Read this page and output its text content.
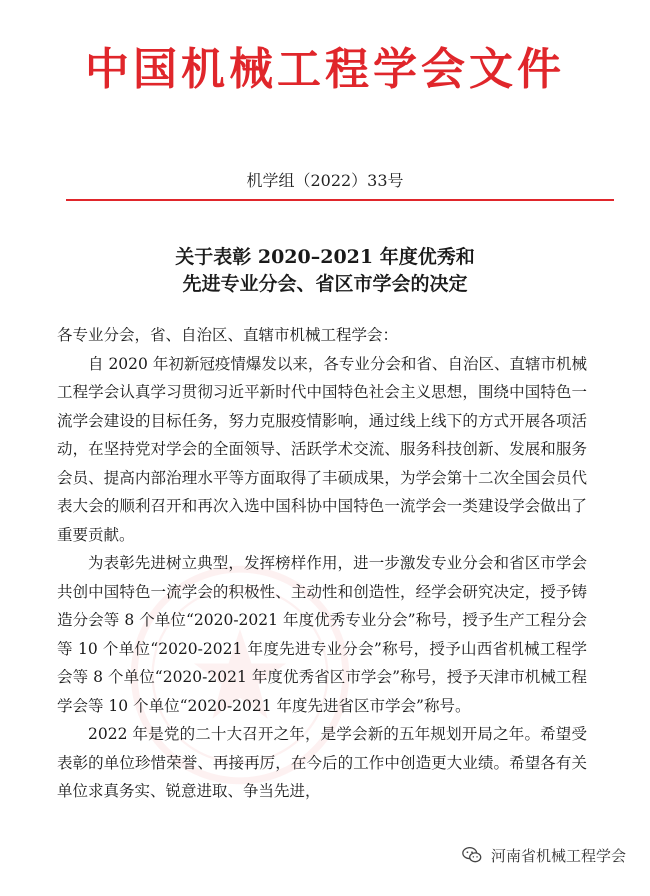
中国机械工程学会文件
机学组（2022）33号
关于表彰 2020–2021 年度优秀和
先进专业分会、省区市学会的决定

各专业分会，省、自治区、直辖市机械工程学会：

自 2020 年初新冠疫情爆发以来，各专业分会和省、自治区、直辖市机械工程学会认真学习贯彻习近平新时代中国特色社会主义思想，围绕中国特色一流学会建设的目标任务，努力克服疫情影响，通过线上线下的方式开展各项活动，在坚持党对学会的全面领导、活跃学术交流、服务科技创新、发展和服务会员、提高内部治理水平等方面取得了丰硕成果，为学会第十二次全国会员代表大会的顺利召开和再次入选中国科协中国特色一流学会一类建设学会做出了重要贡献。

为表彰先进树立典型，发挥榜样作用，进一步激发专业分会和省区市学会共创中国特色一流学会的积极性、主动性和创造性，经学会研究决定，授予铸造分会等 8 个单位“2020-2021 年度优秀专业分会”称号，授予生产工程分会等 10 个单位“2020-2021 年度先进专业分会”称号，授予山西省机械工程学会等 8 个单位“2020-2021 年度优秀省区市学会”称号，授予天津市机械工程学会等 10 个单位“2020-2021 年度先进省区市学会”称号。

2022 年是党的二十大召开之年，是学会新的五年规划开局之年。希望受表彰的单位珍惜荣誉、再接再厉，在今后的工作中创造更大业绩。希望各有关单位求真务实、锐意进取、争当先进，

河南省机械工程学会
